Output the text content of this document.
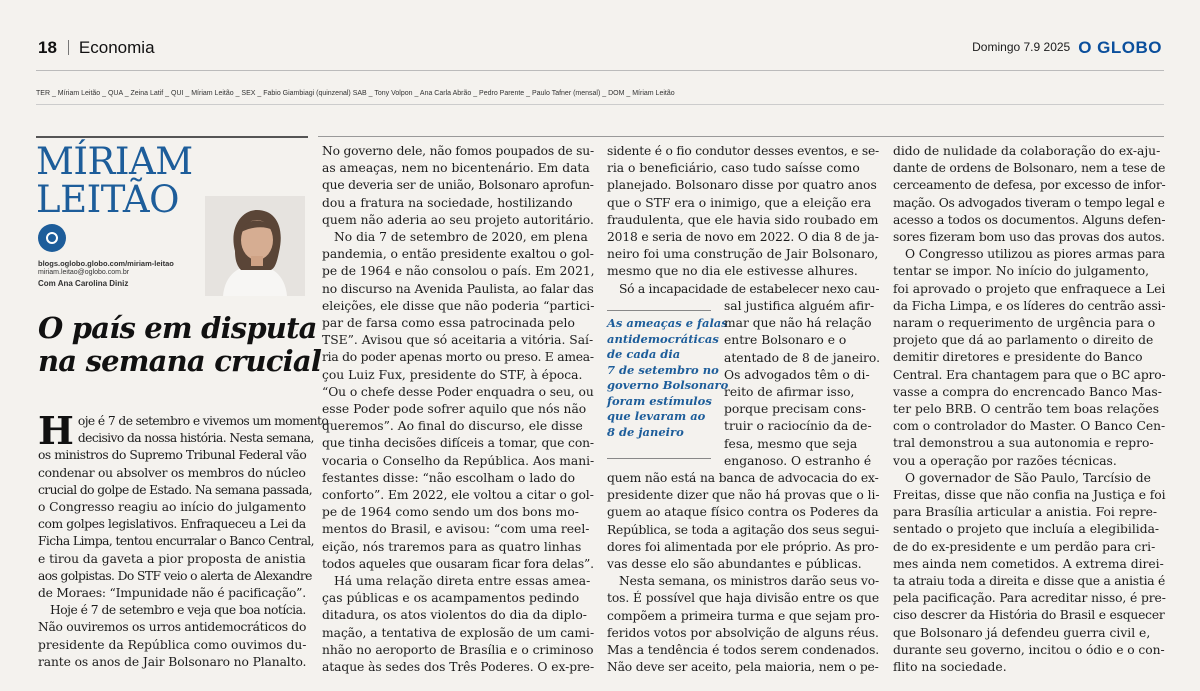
18 Economia	Domingo 7.9 2025 O GLOBO
TER _ Míriam Leitão _ QUA _ Zeina Latif _ QUI _ Míriam Leitão _ SEX _ Fabio Giambiagi (quinzenal) SAB _ Tony Volpon _ Ana Carla Abrão _ Pedro Parente _ Paulo Tafner (mensal) _ DOM _ Míriam Leitão
MÍRIAM
LEITÃO
blogs.oglobo.globo.com/miriam-leitao
miriam.leitao@oglobo.com.br
Com Ana Carolina Diniz
O país em disputa
na semana crucial
H oje é 7 de setembro e vivemos um momento
decisivo da nossa história. Nesta semana,
os ministros do Supremo Tribunal Federal vão
condenar ou absolver os membros do núcleo
crucial do golpe de Estado. Na semana passada,
o Congresso reagiu ao início do julgamento
com golpes legislativos. Enfraqueceu a Lei da
Ficha Limpa, tentou encurralar o Banco Central,
e tirou da gaveta a pior proposta de anistia
aos golpistas. Do STF veio o alerta de Alexandre
de Moraes: “Impunidade não é pacificação”.
Hoje é 7 de setembro e veja que boa notícia.
Não ouviremos os urros antidemocráticos do
presidente da República como ouvimos du-
rante os anos de Jair Bolsonaro no Planalto.
No governo dele, não fomos poupados de su-
as ameaças, nem no bicentenário. Em data
que deveria ser de união, Bolsonaro aprofun-
dou a fratura na sociedade, hostilizando
quem não aderia ao seu projeto autoritário.
No dia 7 de setembro de 2020, em plena
pandemia, o então presidente exaltou o gol-
pe de 1964 e não consolou o país. Em 2021,
no discurso na Avenida Paulista, ao falar das
eleições, ele disse que não poderia “partici-
par de farsa como essa patrocinada pelo
TSE”. Avisou que só aceitaria a vitória. Saí-
ria do poder apenas morto ou preso. E amea-
çou Luiz Fux, presidente do STF, à época.
“Ou o chefe desse Poder enquadra o seu, ou
esse Poder pode sofrer aquilo que nós não
queremos”. Ao final do discurso, ele disse
que tinha decisões difíceis a tomar, que con-
vocaria o Conselho da República. Aos mani-
festantes disse: “não escolham o lado do
conforto”. Em 2022, ele voltou a citar o gol-
pe de 1964 como sendo um dos bons mo-
mentos do Brasil, e avisou: “com uma reel-
eição, nós traremos para as quatro linhas
todos aqueles que ousaram ficar fora delas”.
Há uma relação direta entre essas amea-
ças públicas e os acampamentos pedindo
ditadura, os atos violentos do dia da diplo-
mação, a tentativa de explosão de um cami-
nhão no aeroporto de Brasília e o criminoso
ataque às sedes dos Três Poderes. O ex-pre-
sidente é o fio condutor desses eventos, e se-
ria o beneficiário, caso tudo saísse como
planejado. Bolsonaro disse por quatro anos
que o STF era o inimigo, que a eleição era
fraudulenta, que ele havia sido roubado em
2018 e seria de novo em 2022. O dia 8 de ja-
neiro foi uma construção de Jair Bolsonaro,
mesmo que no dia ele estivesse alhures.
Só a incapacidade de estabelecer nexo cau-
As ameaças e falas
antidemocráticas
de cada dia
7 de setembro no
governo Bolsonaro
foram estímulos
que levaram ao
8 de janeiro
sal justifica alguém afir-
mar que não há relação
entre Bolsonaro e o
atentado de 8 de janeiro.
Os advogados têm o di-
reito de afirmar isso,
porque precisam cons-
truir o raciocínio da de-
fesa, mesmo que seja
enganoso. O estranho é
quem não está na banca de advocacia do ex-
presidente dizer que não há provas que o li-
guem ao ataque físico contra os Poderes da
República, se toda a agitação dos seus segui-
dores foi alimentada por ele próprio. As pro-
vas desse elo são abundantes e públicas.
Nesta semana, os ministros darão seus vo-
tos. É possível que haja divisão entre os que
compõem a primeira turma e que sejam pro-
feridos votos por absolvição de alguns réus.
Mas a tendência é todos serem condenados.
Não deve ser aceito, pela maioria, nem o pe-
dido de nulidade da colaboração do ex-aju-
dante de ordens de Bolsonaro, nem a tese de
cerceamento de defesa, por excesso de infor-
mação. Os advogados tiveram o tempo legal e
acesso a todos os documentos. Alguns defen-
sores fizeram bom uso das provas dos autos.
O Congresso utilizou as piores armas para
tentar se impor. No início do julgamento,
foi aprovado o projeto que enfraquece a Lei
da Ficha Limpa, e os líderes do centrão assi-
naram o requerimento de urgência para o
projeto que dá ao parlamento o direito de
demitir diretores e presidente do Banco
Central. Era chantagem para que o BC apro-
vasse a compra do encrencado Banco Mas-
ter pelo BRB. O centrão tem boas relações
com o controlador do Master. O Banco Cen-
tral demonstrou a sua autonomia e repro-
vou a operação por razões técnicas.
O governador de São Paulo, Tarcísio de
Freitas, disse que não confia na Justiça e foi
para Brasília articular a anistia. Foi repre-
sentado o projeto que incluía a elegibilida-
de do ex-presidente e um perdão para cri-
mes ainda nem cometidos. A extrema direi-
ta atraiu toda a direita e disse que a anistia é
pela pacificação. Para acreditar nisso, é pre-
ciso descrer da História do Brasil e esquecer
que Bolsonaro já defendeu guerra civil e,
durante seu governo, incitou o ódio e o con-
flito na sociedade.
